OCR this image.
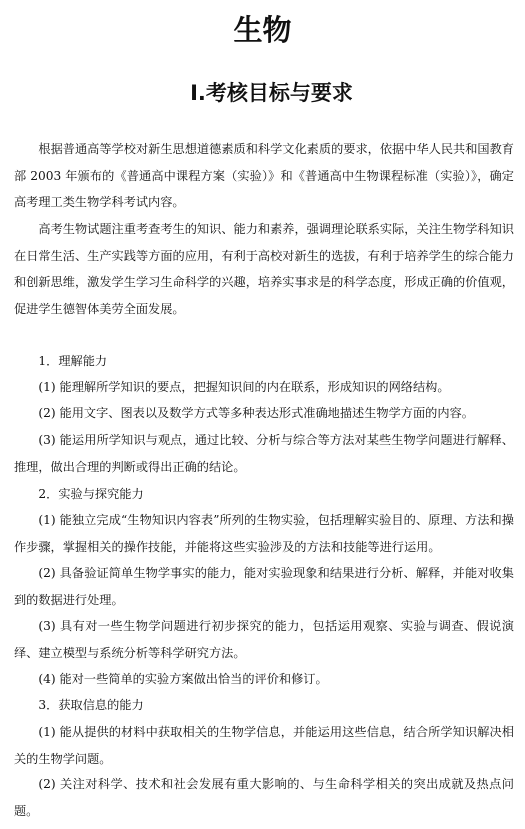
生物
Ⅰ.考核目标与要求

根据普通高等学校对新生思想道德素质和科学文化素质的要求，依据中华人民共和国教育部 2003 年颁布的《普通高中课程方案（实验）》和《普通高中生物课程标准（实验）》，确定高考理工类生物学科考试内容。

高考生物试题注重考查考生的知识、能力和素养，强调理论联系实际，关注生物学科知识在日常生活、生产实践等方面的应用，有利于高校对新生的选拔，有利于培养学生的综合能力和创新思维，激发学生学习生命科学的兴趣，培养实事求是的科学态度，形成正确的价值观，促进学生德智体美劳全面发展。

1．理解能力

(1) 能理解所学知识的要点，把握知识间的内在联系，形成知识的网络结构。

(2) 能用文字、图表以及数学方式等多种表达形式准确地描述生物学方面的内容。

(3) 能运用所学知识与观点，通过比较、分析与综合等方法对某些生物学问题进行解释、推理，做出合理的判断或得出正确的结论。

2．实验与探究能力

(1) 能独立完成“生物知识内容表”所列的生物实验，包括理解实验目的、原理、方法和操作步骤，掌握相关的操作技能，并能将这些实验涉及的方法和技能等进行运用。

(2) 具备验证简单生物学事实的能力，能对实验现象和结果进行分析、解释，并能对收集到的数据进行处理。

(3) 具有对一些生物学问题进行初步探究的能力，包括运用观察、实验与调查、假说演绎、建立模型与系统分析等科学研究方法。

(4) 能对一些简单的实验方案做出恰当的评价和修订。

3．获取信息的能力

(1) 能从提供的材料中获取相关的生物学信息，并能运用这些信息，结合所学知识解决相关的生物学问题。

(2) 关注对科学、技术和社会发展有重大影响的、与生命科学相关的突出成就及热点问题。
